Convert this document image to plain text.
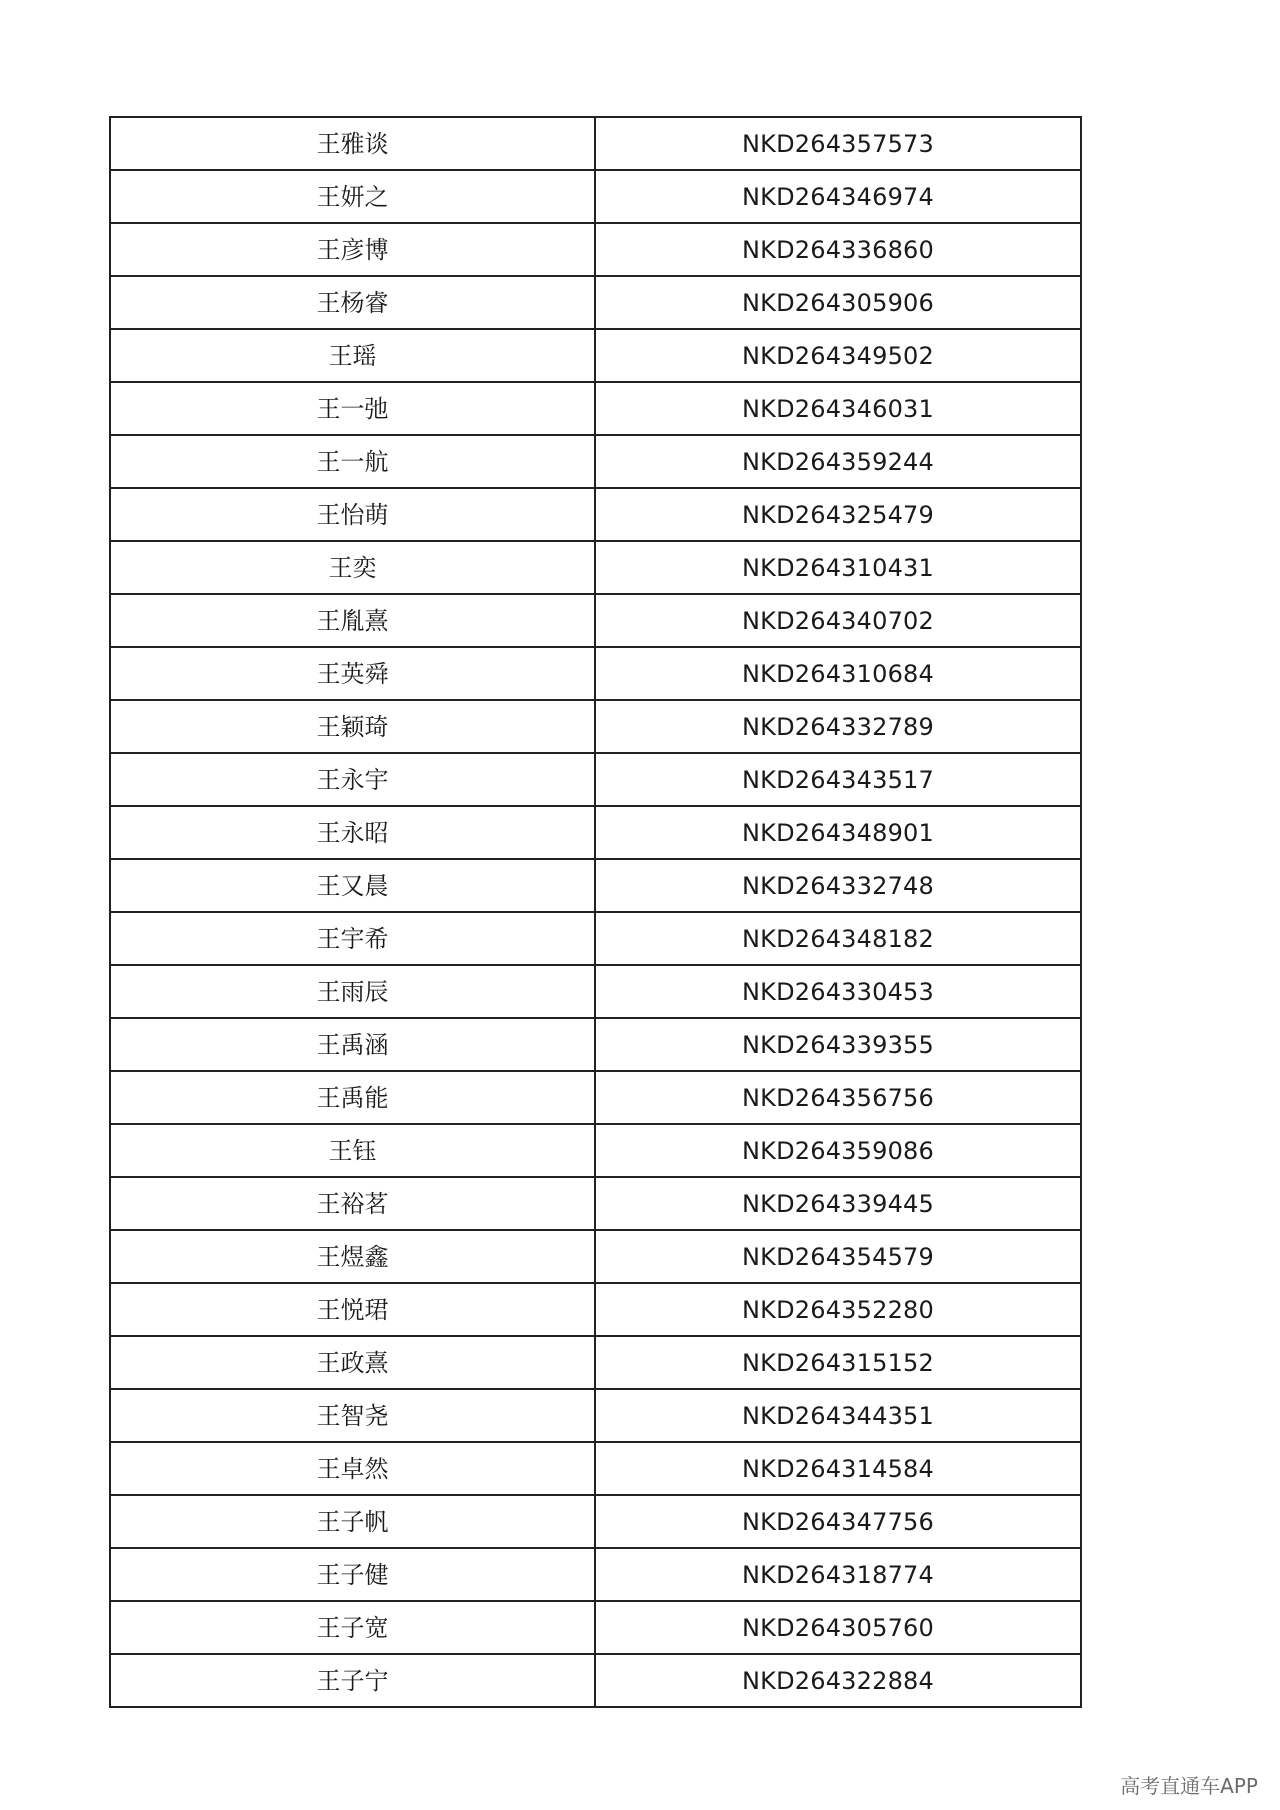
王雅谈	NKD264357573
王妍之	NKD264346974
王彦博	NKD264336860
王杨睿	NKD264305906
王瑶	NKD264349502
王一弛	NKD264346031
王一航	NKD264359244
王怡萌	NKD264325479
王奕	NKD264310431
王胤熹	NKD264340702
王英舜	NKD264310684
王颖琦	NKD264332789
王永宇	NKD264343517
王永昭	NKD264348901
王又晨	NKD264332748
王宇希	NKD264348182
王雨辰	NKD264330453
王禹涵	NKD264339355
王禹能	NKD264356756
王钰	NKD264359086
王裕茗	NKD264339445
王煜鑫	NKD264354579
王悦珺	NKD264352280
王政熹	NKD264315152
王智尧	NKD264344351
王卓然	NKD264314584
王子帆	NKD264347756
王子健	NKD264318774
王子宽	NKD264305760
王子宁	NKD264322884
高考直通车APP
